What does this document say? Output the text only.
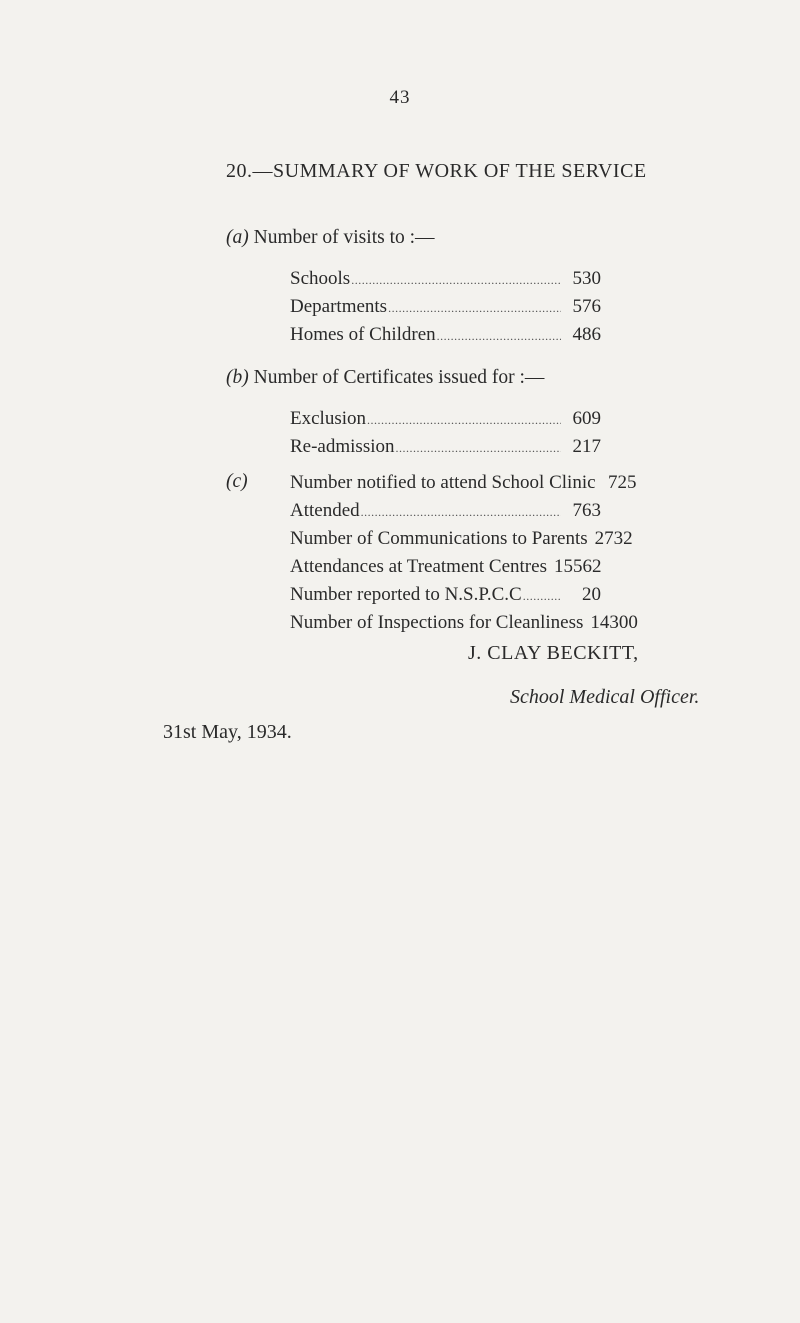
43
20.—SUMMARY OF WORK OF THE SERVICE
(a) Number of visits to :—
Schools .....	530
Departments .....	576
Homes of Children .....	486
(b) Number of Certificates issued for :—
Exclusion .....	609
Re-admission .....	217
(c) Number notified to attend School Clinic 725
Attended .....	763
Number of Communications to Parents 2732
Attendances at Treatment Centres 15562
Number reported to N.S.P.C.C .....	20
Number of Inspections for Cleanliness 14300
J. CLAY BECKITT,
School Medical Officer.
31st May, 1934.
